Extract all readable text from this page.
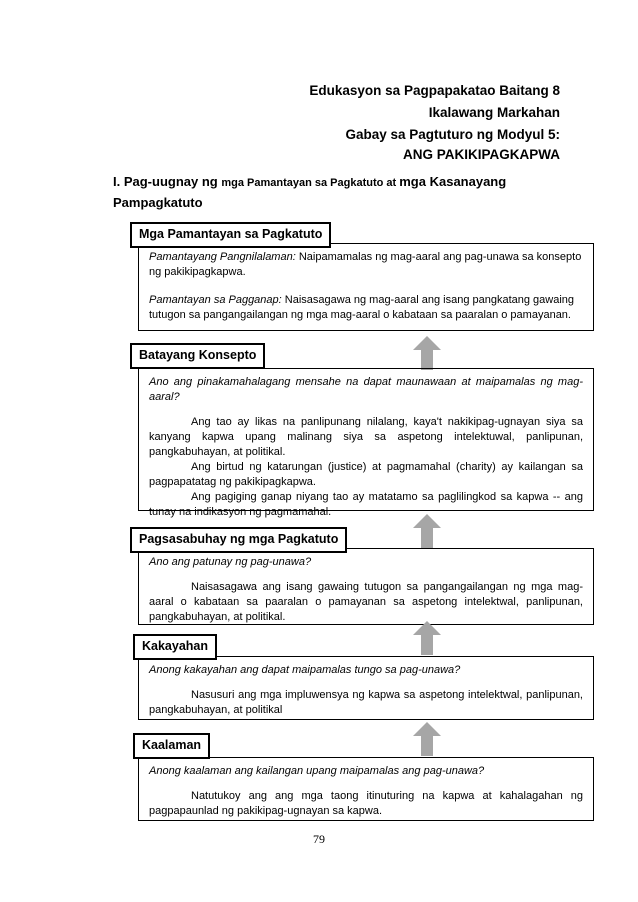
Edukasyon sa Pagpapakatao Baitang 8
Ikalawang Markahan
Gabay sa Pagtuturo ng Modyul 5:
ANG PAKIKIPAGKAPWA
I. Pag-uugnay ng mga Pamantayan sa Pagkatuto at mga Kasanayang
Pampagkatuto

Pamantayang Pangnilalaman: Naipamamalas ng mag-aaral ang pag-unawa sa konsepto ng pakikipagkapwa.

Pamantayan sa Pagganap: Naisasagawa ng mag-aaral ang isang pangkatang gawaing tutugon sa pangangailangan ng mga mag-aaral o kabataan sa paaralan o pamayanan.

Mga Pamantayan sa Pagkatuto

Ano ang pinakamahalagang mensahe na dapat maunawaan at maipamalas ng mag-aaral?

Ang tao ay likas na panlipunang nilalang, kaya't nakikipag-ugnayan siya sa kanyang kapwa upang malinang siya sa aspetong intelektuwal, panlipunan, pangkabuhayan, at politikal.

Ang birtud ng katarungan (justice) at pagmamahal (charity) ay kailangan sa pagpapatatag ng pakikipagkapwa.

Ang pagiging ganap niyang tao ay matatamo sa paglilingkod sa kapwa -- ang tunay na indikasyon ng pagmamahal.

Batayang Konsepto

Ano ang patunay ng pag-unawa?

Naisasagawa ang isang gawaing tutugon sa pangangailangan ng mga mag-aaral o kabataan sa paaralan o pamayanan sa aspetong intelektwal, panlipunan, pangkabuhayan, at politikal.

Pagsasabuhay ng mga Pagkatuto

Anong kakayahan ang dapat maipamalas tungo sa pag-unawa?

Nasusuri ang mga impluwensya ng kapwa sa aspetong intelektwal, panlipunan, pangkabuhayan, at politikal

Kakayahan

Anong kaalaman ang kailangan upang maipamalas ang pag-unawa?

Natutukoy ang ang mga taong itinuturing na kapwa at kahalagahan ng pagpapaunlad ng pakikipag-ugnayan sa kapwa.

Kaalaman
79
